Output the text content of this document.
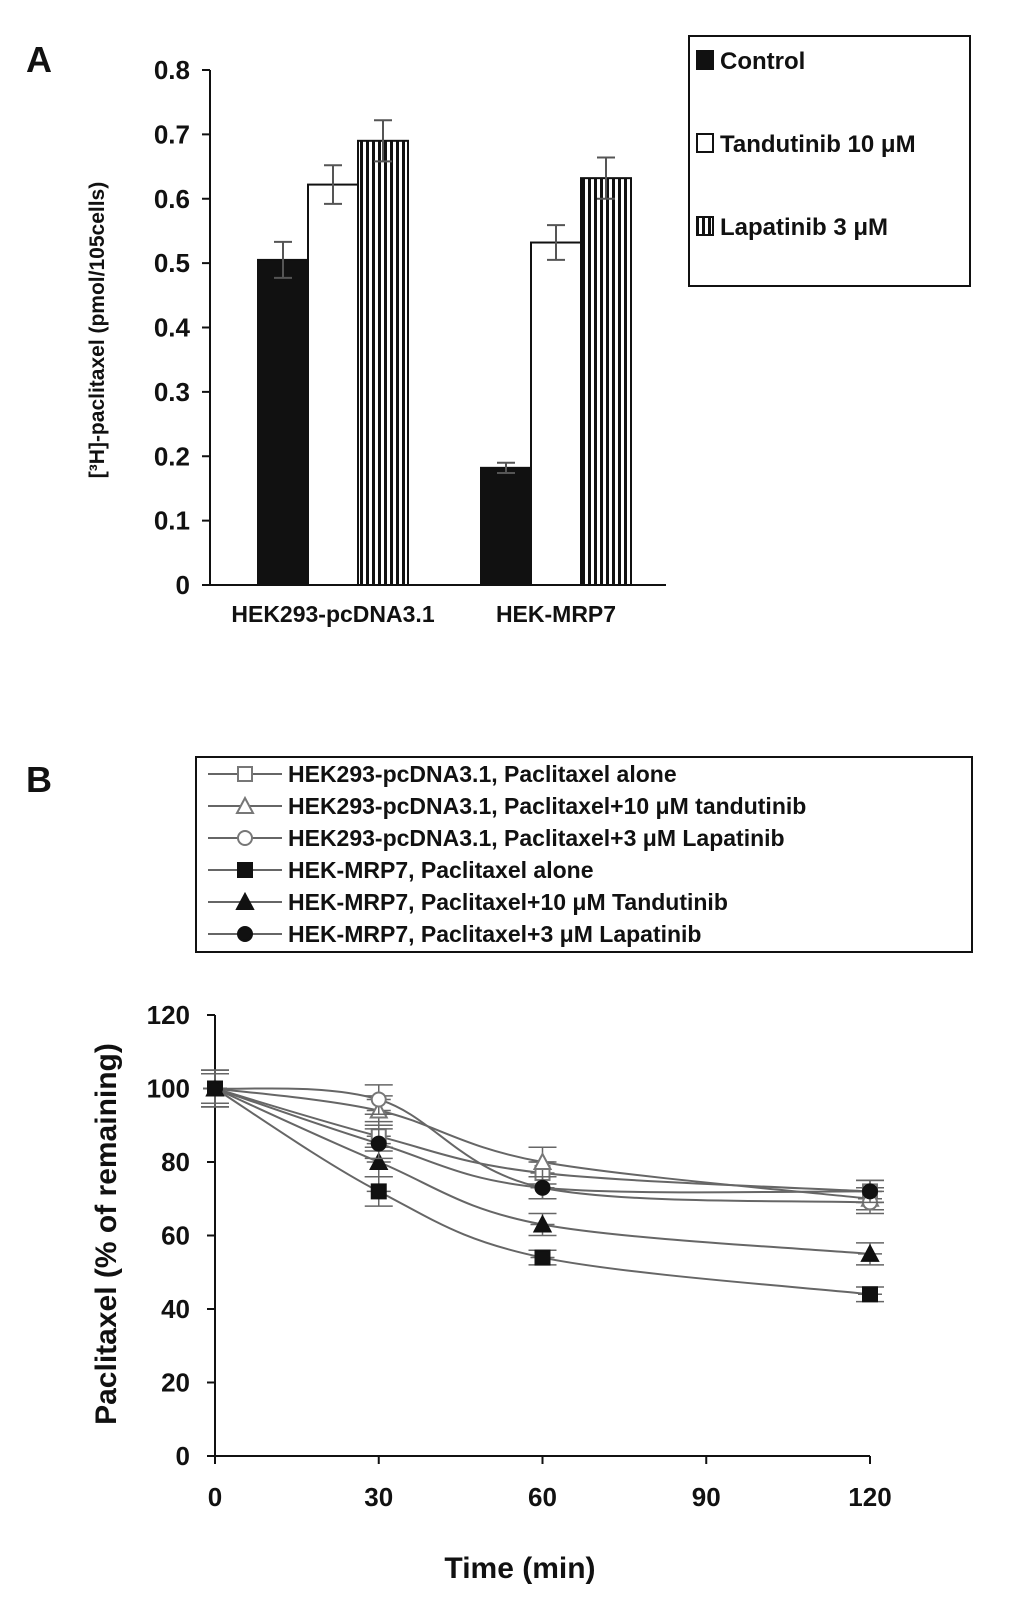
A
[³H]-paclitaxel (pmol/105cells)
0
0.1
0.2
0.3
0.4
0.5
0.6
0.7
0.8
HEK293-pcDNA3.1	HEK-MRP7
Control
Tandutinib 10 μM
Lapatinib 3 μM
B	HEK293-pcDNA3.1, Paclitaxel alone
HEK293-pcDNA3.1, Paclitaxel+10 μM tandutinib
HEK293-pcDNA3.1, Paclitaxel+3 μM Lapatinib
HEK-MRP7, Paclitaxel alone
HEK-MRP7, Paclitaxel+10 μM Tandutinib
HEK-MRP7, Paclitaxel+3 μM Lapatinib
Paclitaxel (% of remaining)
Time (min)
0
20
40
60
80
100
120
0	30	60	90	120
